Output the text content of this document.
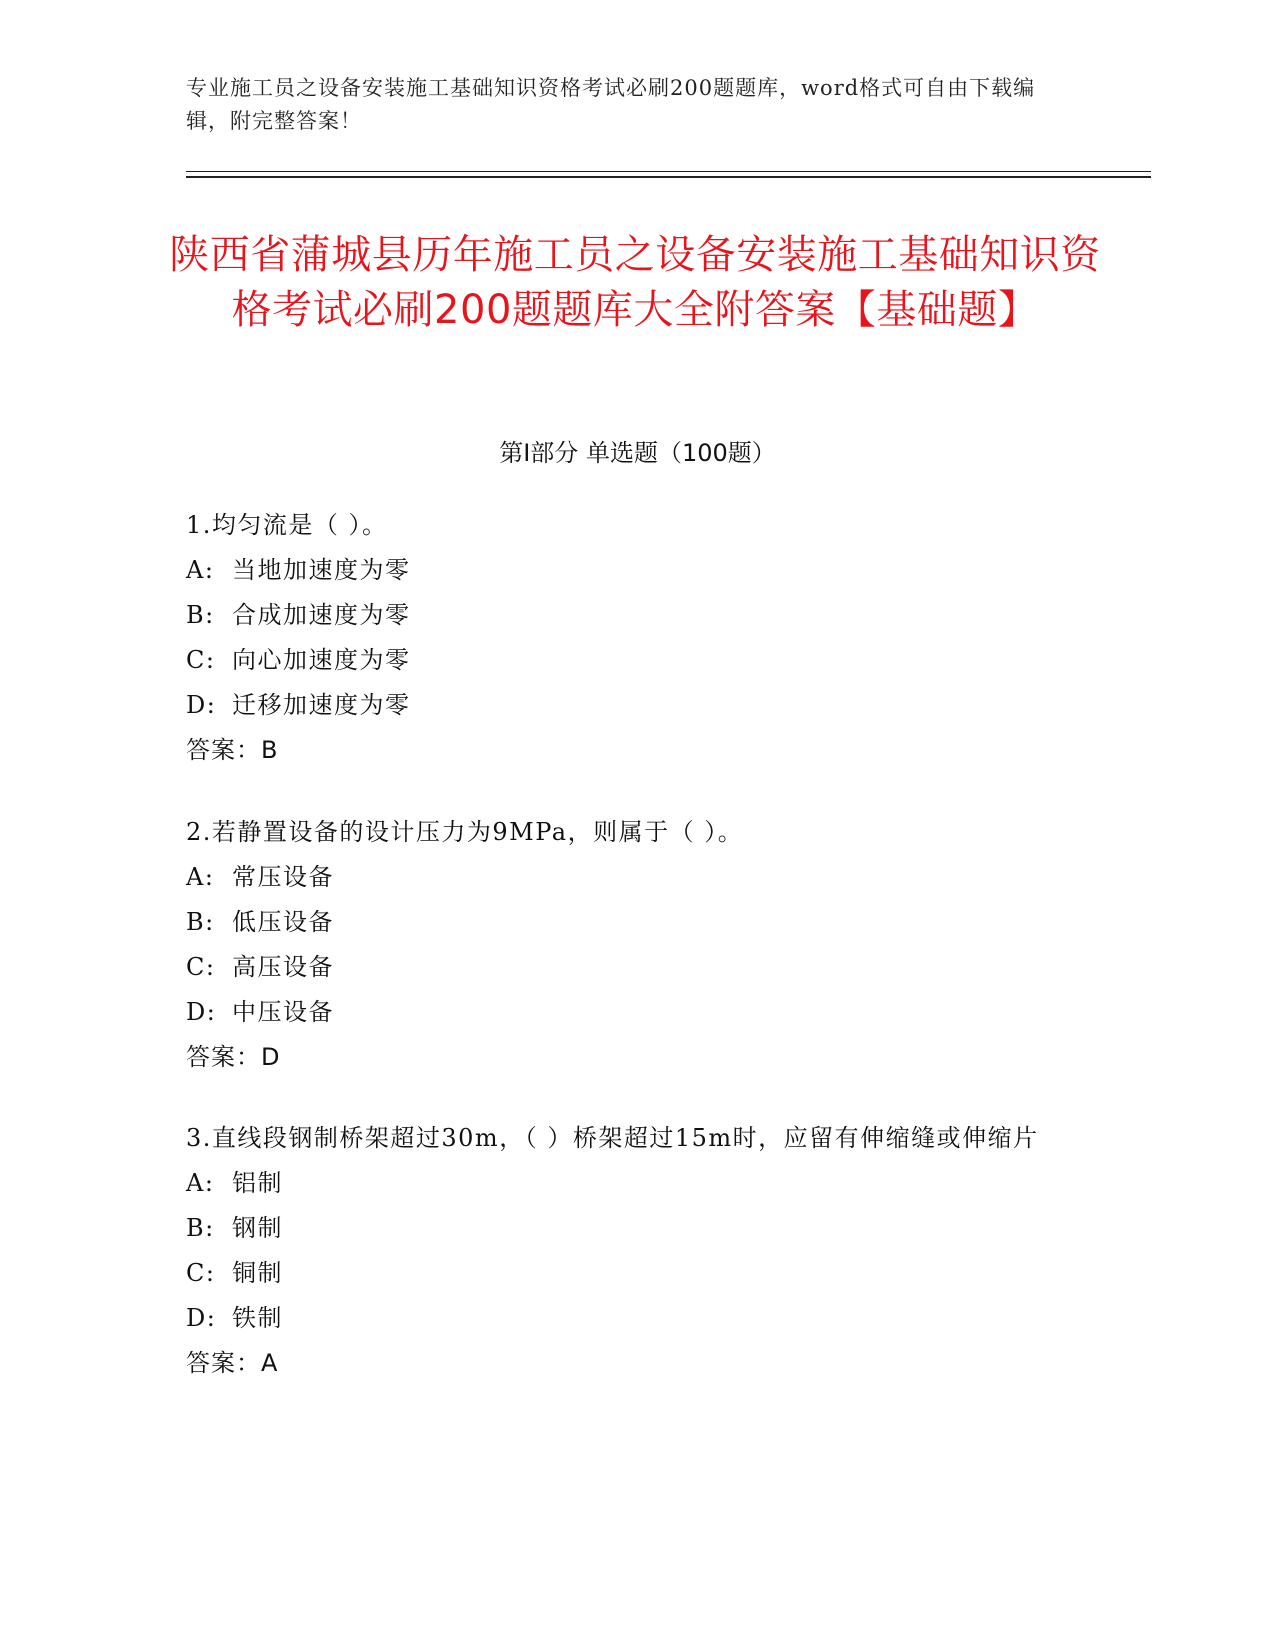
专业施工员之设备安装施工基础知识资格考试必刷200题题库，word格式可自由下载编辑，附完整答案！
陕西省蒲城县历年施工员之设备安装施工基础知识资格考试必刷200题题库大全附答案【基础题】
第Ⅰ部分 单选题（100题）
1.均匀流是（ ）。
A: 当地加速度为零
B: 合成加速度为零
C: 向心加速度为零
D: 迁移加速度为零
答案：B
2.若静置设备的设计压力为9MPa，则属于（ ）。
A: 常压设备
B: 低压设备
C: 高压设备
D: 中压设备
答案：D
3.直线段钢制桥架超过30m，（ ）桥架超过15m时，应留有伸缩缝或伸缩片
A: 铝制
B: 钢制
C: 铜制
D: 铁制
答案：A
